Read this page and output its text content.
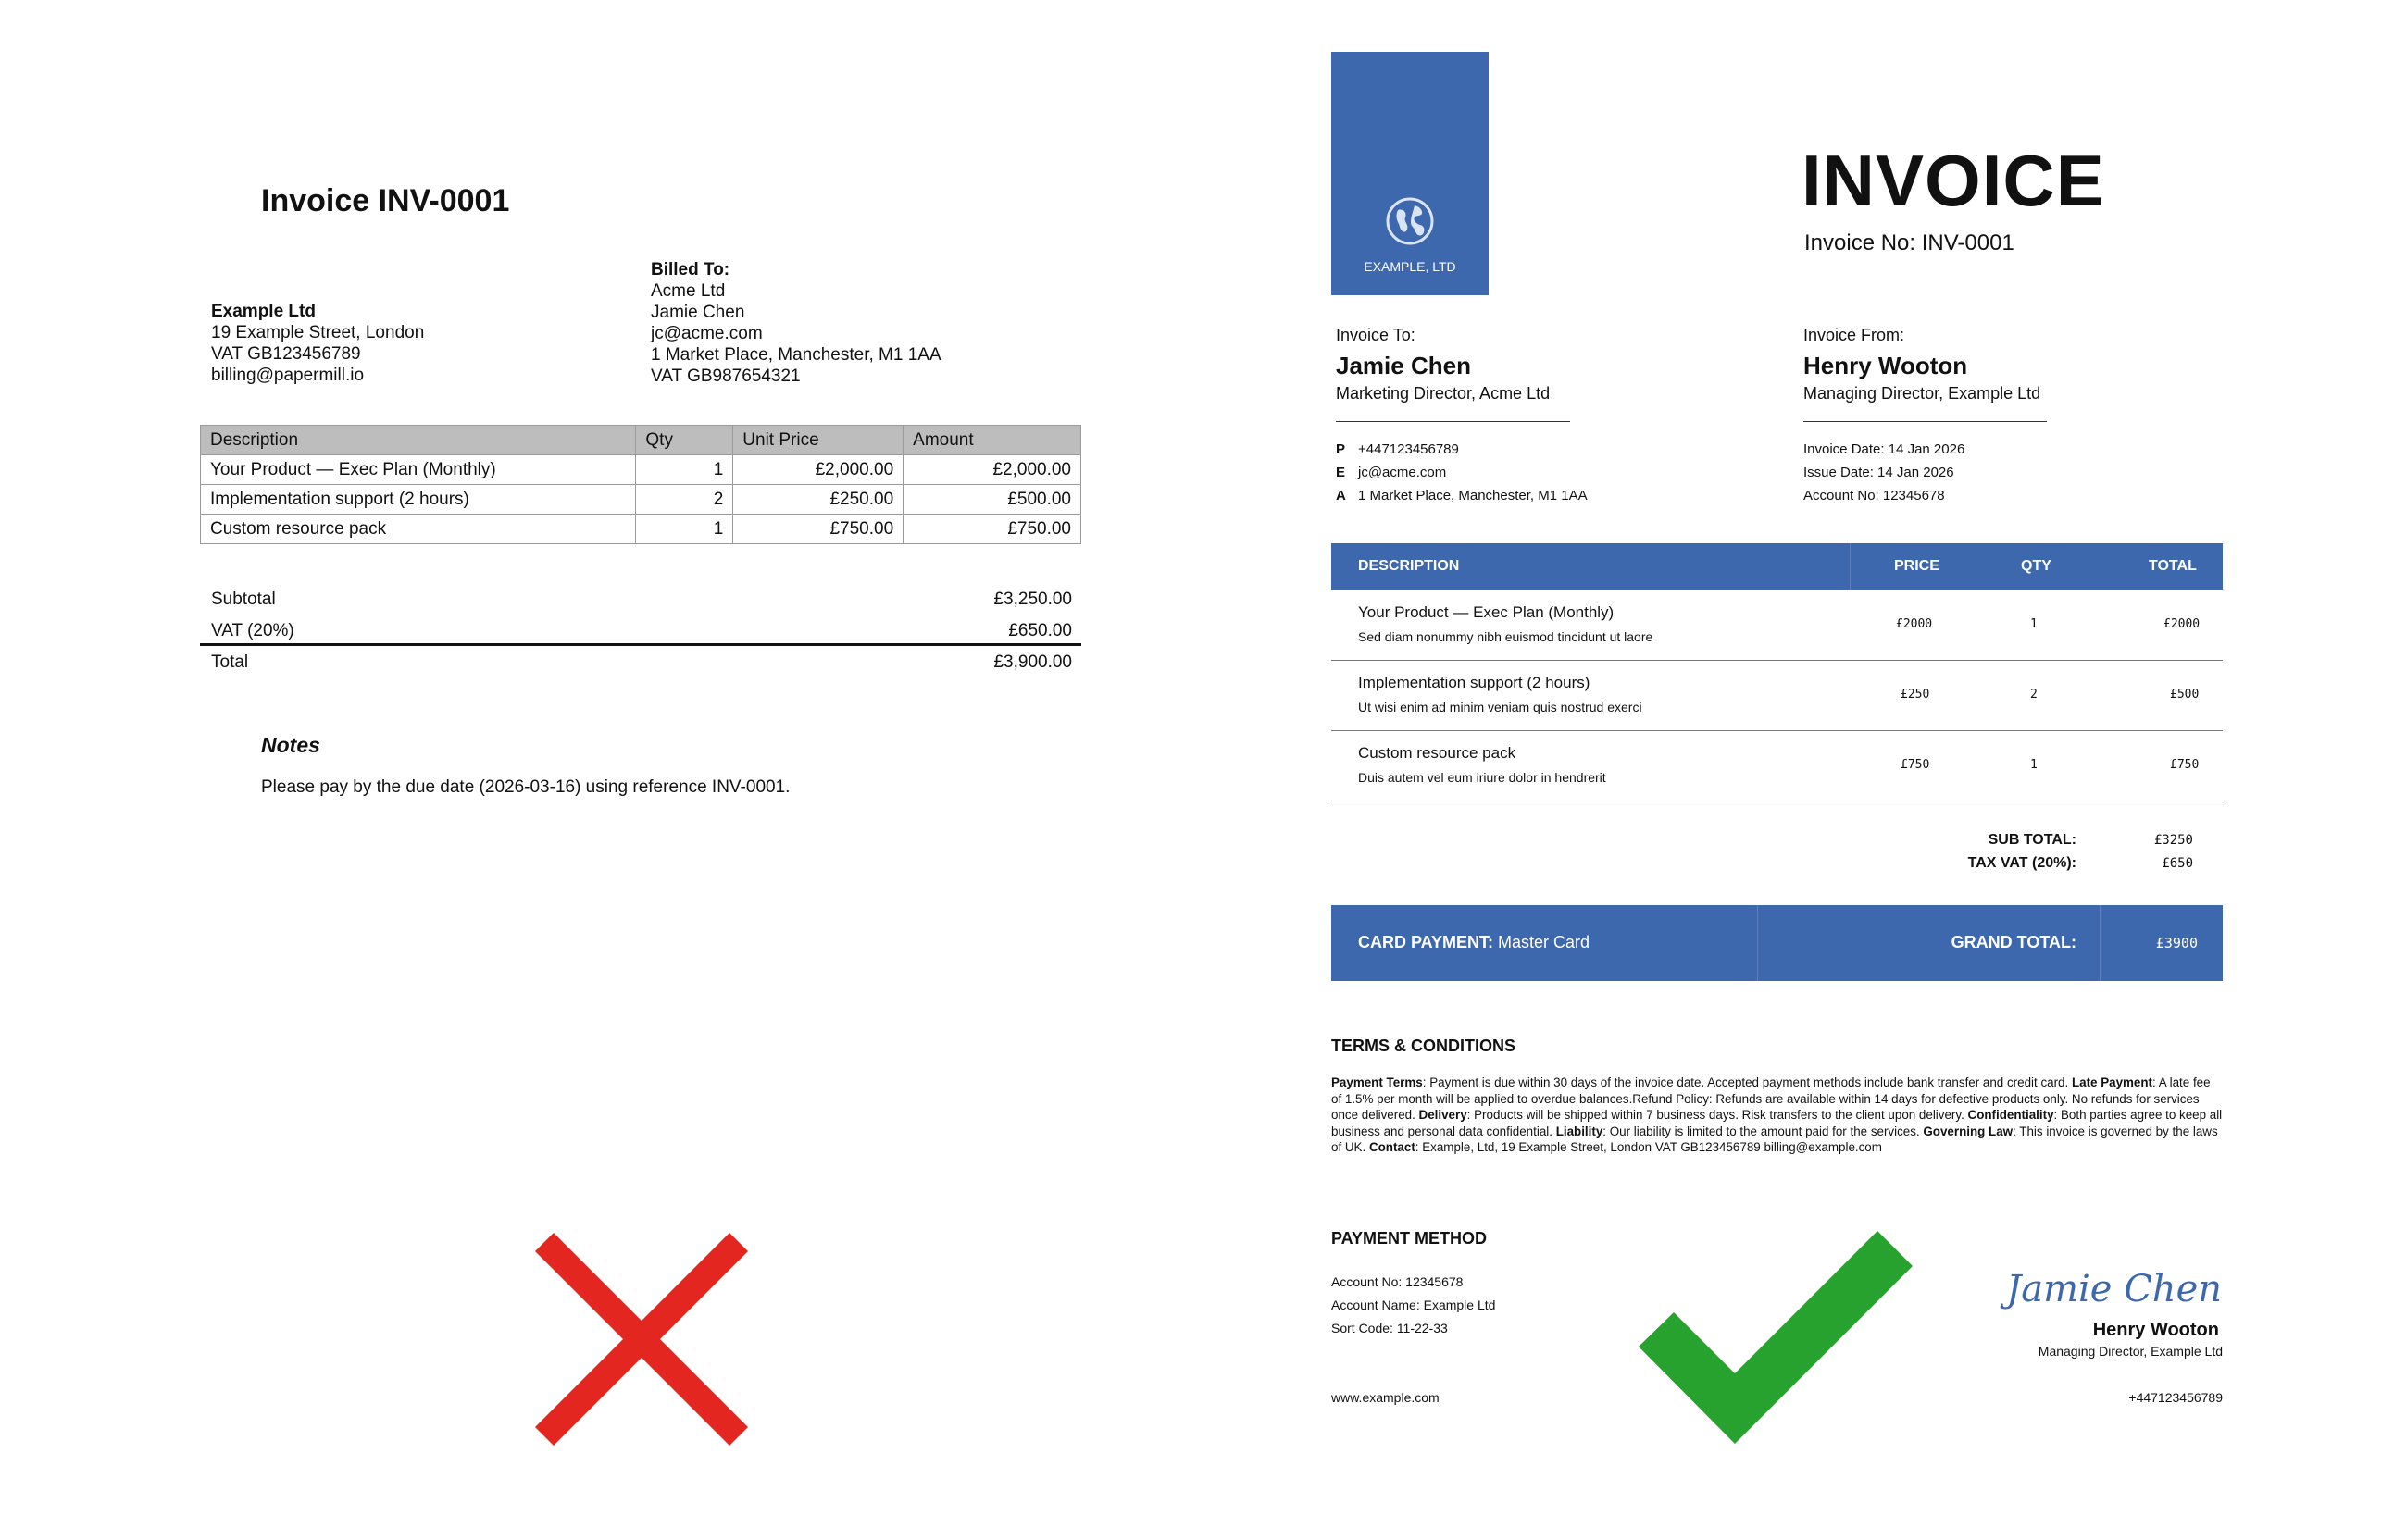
Invoice INV-0001
Example Ltd
19 Example Street, London
VAT GB123456789
billing@papermill.io
Billed To:
Acme Ltd
Jamie Chen
jc@acme.com
1 Market Place, Manchester, M1 1AA
VAT GB987654321
Description	Qty	Unit Price	Amount
Your Product — Exec Plan (Monthly)	1	£2,000.00	£2,000.00
Implementation support (2 hours)	2	£250.00	£500.00
Custom resource pack	1	£750.00	£750.00
Subtotal	£3,250.00
VAT (20%)	£650.00
Total	£3,900.00
Notes
Please pay by the due date (2026-03-16) using reference INV-0001.
EXAMPLE, LTD
INVOICE
Invoice No: INV-0001
Invoice To:
Jamie Chen
Marketing Director, Acme Ltd
P +447123456789
E jc@acme.com
A 1 Market Place, Manchester, M1 1AA
Invoice From:
Henry Wooton
Managing Director, Example Ltd
Invoice Date: 14 Jan 2026
Issue Date: 14 Jan 2026
Account No: 12345678
DESCRIPTION	PRICE	QTY	TOTAL
Your Product — Exec Plan (Monthly)
Sed diam nonummy nibh euismod tincidunt ut laore
£2000	1	£2000
Implementation support (2 hours)
Ut wisi enim ad minim veniam quis nostrud exerci
£250	2	£500
Custom resource pack
Duis autem vel eum iriure dolor in hendrerit
£750	1	£750
SUB TOTAL:	£3250
TAX VAT (20%):	£650
CARD PAYMENT: Master Card	GRAND TOTAL:	£3900
TERMS & CONDITIONS
Payment Terms: Payment is due within 30 days of the invoice date. Accepted payment methods include bank transfer and credit card. Late Payment: A late fee of 1.5% per month will be applied to overdue balances.Refund Policy: Refunds are available within 14 days for defective products only. No refunds for services once delivered. Delivery: Products will be shipped within 7 business days. Risk transfers to the client upon delivery. Confidentiality: Both parties agree to keep all business and personal data confidential. Liability: Our liability is limited to the amount paid for the services. Governing Law: This invoice is governed by the laws of UK. Contact: Example, Ltd, 19 Example Street, London VAT GB123456789 billing@example.com
PAYMENT METHOD
Account No: 12345678
Account Name: Example Ltd
Sort Code: 11-22-33
Jamie Chen
Henry Wooton
Managing Director, Example Ltd
www.example.com	+447123456789
